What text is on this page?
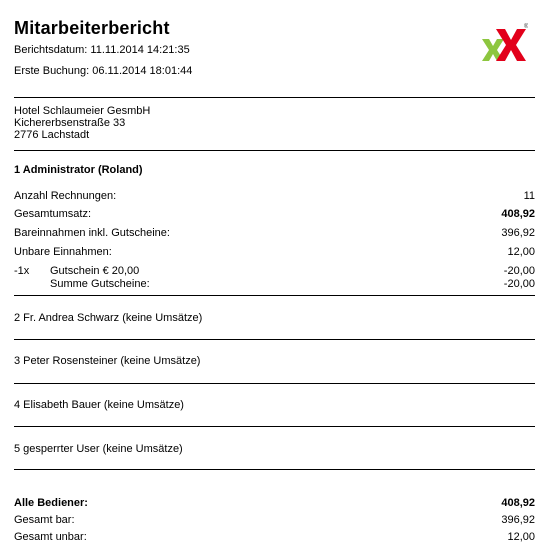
Mitarbeiterbericht
Berichtsdatum: 11.11.2014 14:21:35
Erste Buchung: 06.11.2014 18:01:44
®
Hotel Schlaumeier GesmbH
Kichererbsenstraße 33
2776 Lachstadt
1 Administrator (Roland)
Anzahl Rechnungen:	11
Gesamtumsatz:	408,92
Bareinnahmen inkl. Gutscheine:	396,92
Unbare Einnahmen:	12,00
-1x Gutschein € 20,00	-20,00
Summe Gutscheine:	-20,00
2 Fr. Andrea Schwarz (keine Umsätze)
3 Peter Rosensteiner (keine Umsätze)
4 Elisabeth Bauer (keine Umsätze)
5 gesperrter User (keine Umsätze)
Alle Bediener:	408,92
Gesamt bar:	396,92
Gesamt unbar:	12,00
